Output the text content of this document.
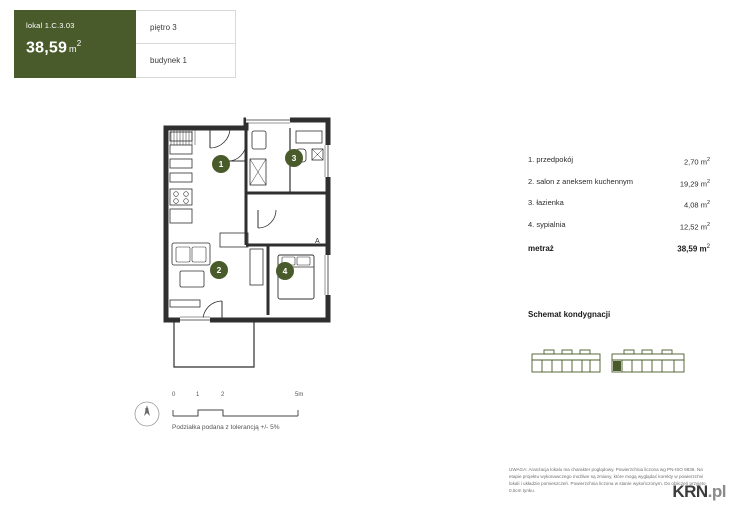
lokal 1.C.3.03
38,59 $m^2$
piętro 3
budynek 1
A
1
3
2	4
N
0	1	2	5m
Podziałka podana z tolerancją +/- 5%
1. przedpokój	2,70 $m^2$
2. salon z aneksem kuchennym	19,29 $m^2$
3. łazienka	4,08 $m^2$
4. sypialnia	12,52 $m^2$
metraż	38,59 $m^2$
Schemat kondygnacji
UWAGA: Aranżacja lokalu ma charakter poglądowy. Powierzchnia liczona wg PN-ISO 9836. Na etapie projektu wykonawczego możliwe są zmiany, które mogą wyglądać korekty w powierzchni lokali i układzie pomieszczeń. Powierzchnia liczona w stanie wykończonym. Do obliczeń przyjęto 0,5cm tynku.	KRN.pl
